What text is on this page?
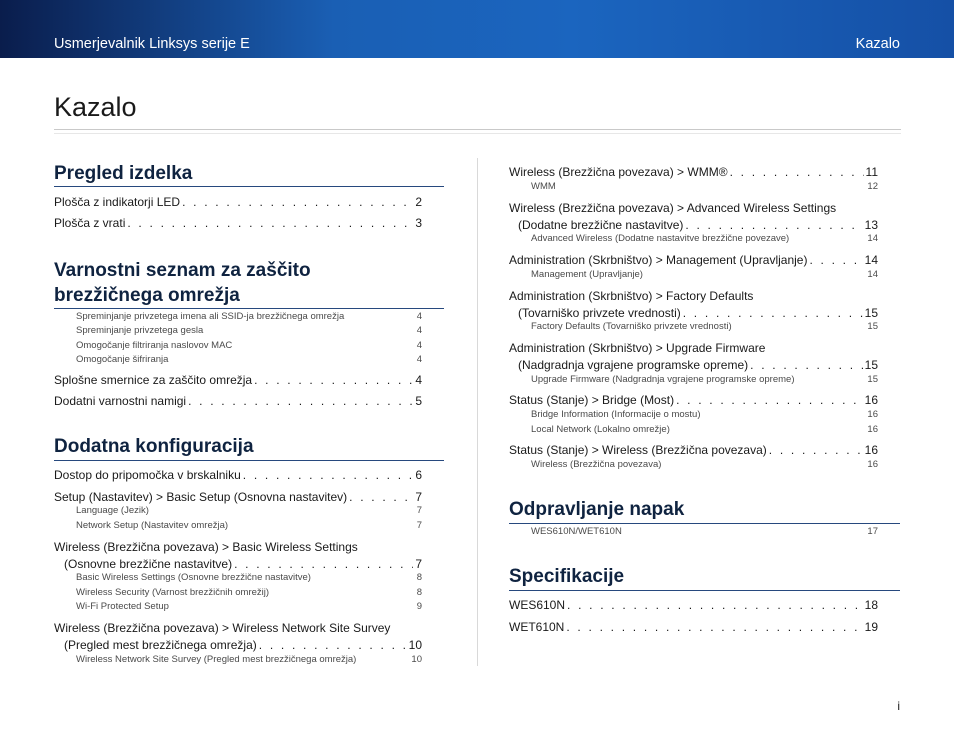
Usmerjevalnik Linksys serije E	Kazalo
Kazalo
Pregled izdelka
Plošča z indikatorji LED . . .	2
Plošča z vrati . . .	3
Varnostni seznam za zaščito
brezžičnega omrežja
Spreminjanje privzetega imena ali SSID-ja brezžičnega omrežja	4
Spreminjanje privzetega gesla	4
Omogočanje filtriranja naslovov MAC	4
Omogočanje šifriranja	4
Splošne smernice za zaščito omrežja . . .	4
Dodatni varnostni namigi . . .	5
Dodatna konfiguracija
Dostop do pripomočka v brskalniku . . .	6
Setup (Nastavitev) > Basic Setup (Osnovna nastavitev) . . .	7
Language (Jezik)	7
Network Setup (Nastavitev omrežja)	7
Wireless (Brezžična povezava) > Basic Wireless Settings
(Osnovne brezžične nastavitve) . . .	7
Basic Wireless Settings (Osnovne brezžične nastavitve)	8
Wireless Security (Varnost brezžičnih omrežij)	8
Wi-Fi Protected Setup	9
Wireless (Brezžična povezava) > Wireless Network Site Survey
(Pregled mest brezžičnega omrežja) . . .	10
Wireless Network Site Survey (Pregled mest brezžičnega omrežja)	10
Wireless (Brezžična povezava) > WMM® . . .	11
WMM	12
Wireless (Brezžična povezava) > Advanced Wireless Settings
(Dodatne brezžične nastavitve) . . .	13
Advanced Wireless (Dodatne nastavitve brezžične povezave)	14
Administration (Skrbništvo) > Management (Upravljanje) . . .	14
Management (Upravljanje)	14
Administration (Skrbništvo) > Factory Defaults
(Tovarniško privzete vrednosti) . . .	15
Factory Defaults (Tovarniško privzete vrednosti)	15
Administration (Skrbništvo) > Upgrade Firmware
(Nadgradnja vgrajene programske opreme) . . .	15
Upgrade Firmware (Nadgradnja vgrajene programske opreme)	15
Status (Stanje) > Bridge (Most) . . .	16
Bridge Information (Informacije o mostu)	16
Local Network (Lokalno omrežje)	16
Status (Stanje) > Wireless (Brezžična povezava) . . .	16
Wireless (Brezžična povezava)	16
Odpravljanje napak
WES610N/WET610N	17
Specifikacije
WES610N . . .	18
WET610N . . .	19
i
